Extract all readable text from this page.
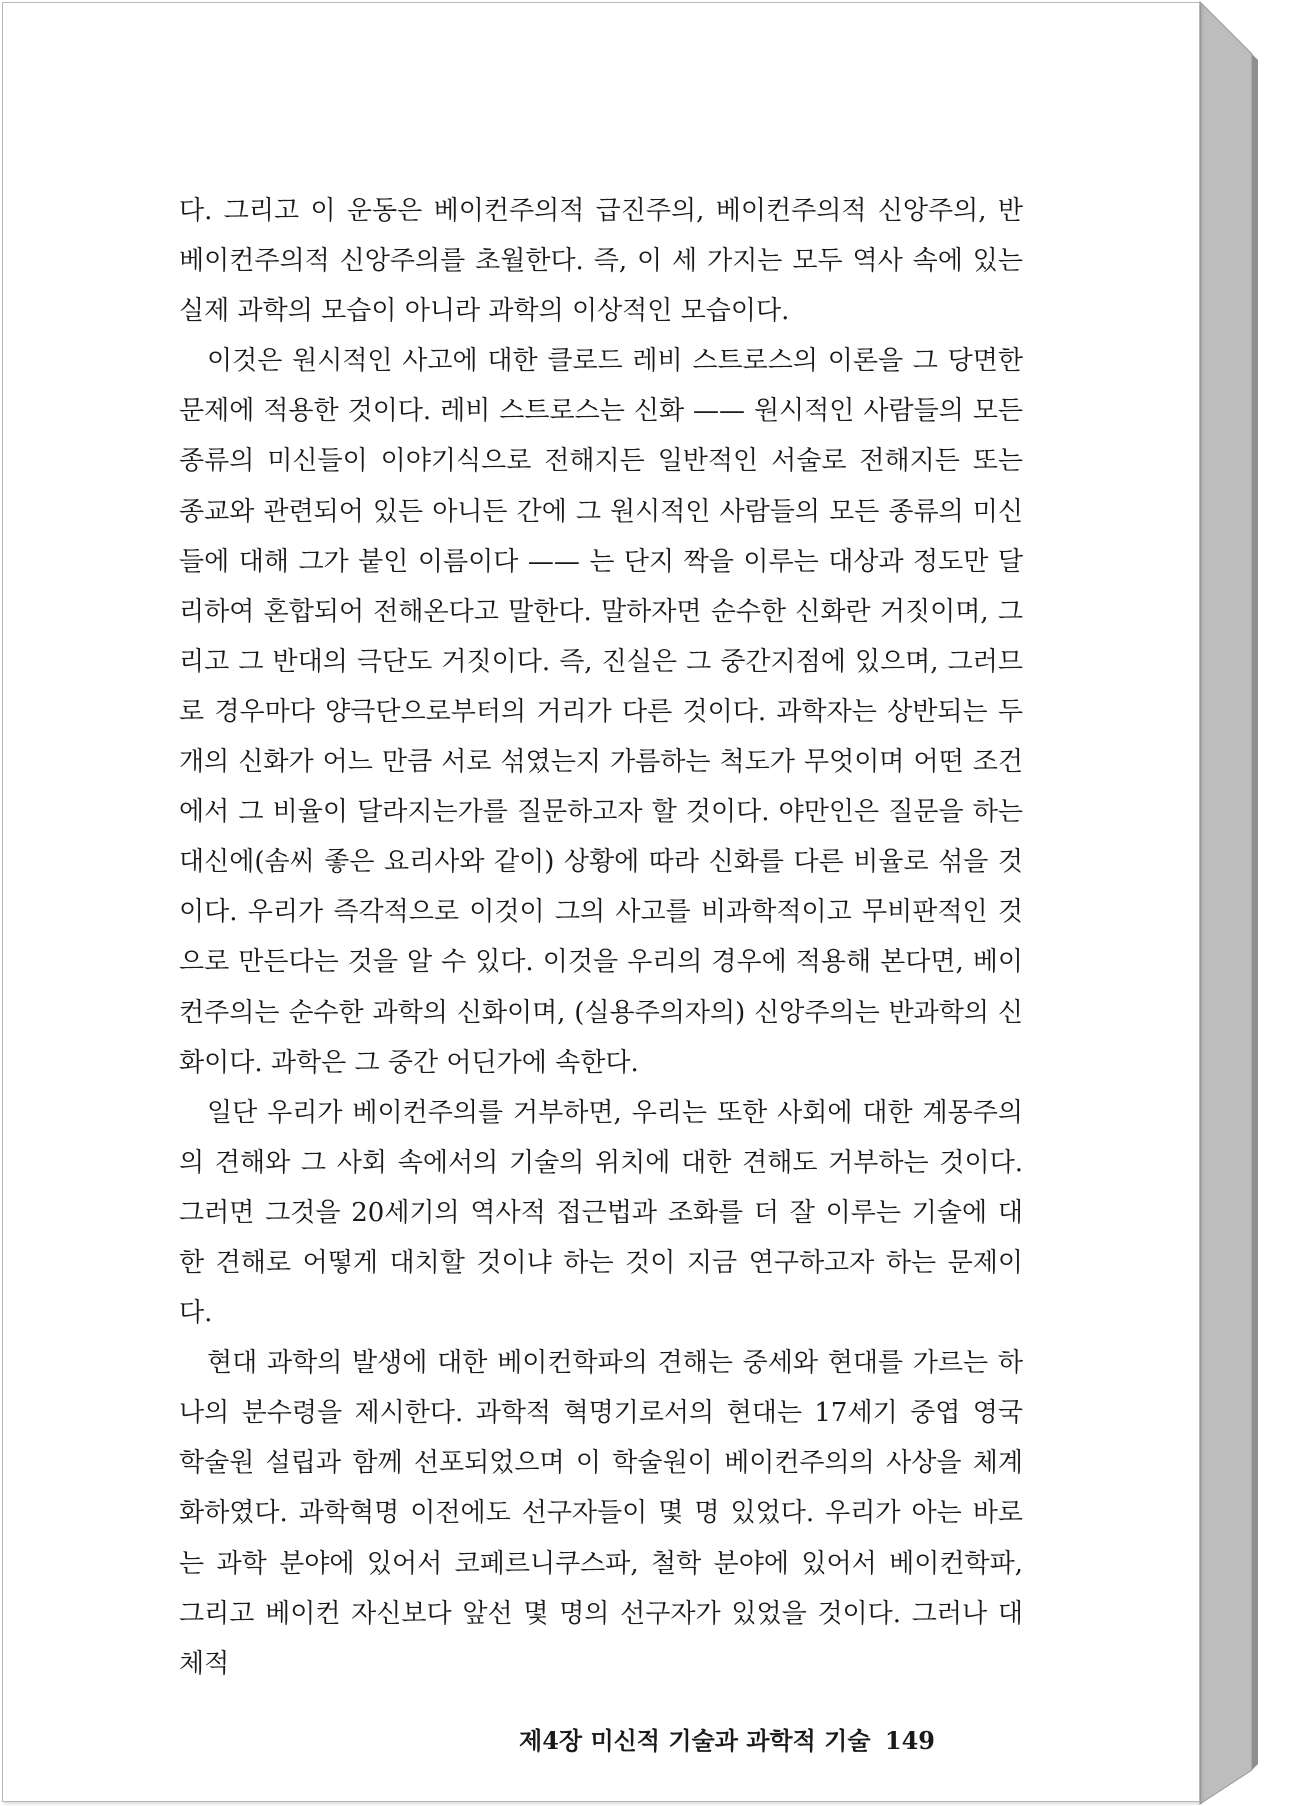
다. 그리고 이 운동은 베이컨주의적 급진주의, 베이컨주의적 신앙주의, 반베이컨주의적 신앙주의를 초월한다. 즉, 이 세 가지는 모두 역사 속에 있는 실제 과학의 모습이 아니라 과학의 이상적인 모습이다.

이것은 원시적인 사고에 대한 클로드 레비 스트로스의 이론을 그 당면한 문제에 적용한 것이다. 레비 스트로스는 신화 —— 원시적인 사람들의 모든 종류의 미신들이 이야기식으로 전해지든 일반적인 서술로 전해지든 또는 종교와 관련되어 있든 아니든 간에 그 원시적인 사람들의 모든 종류의 미신들에 대해 그가 붙인 이름이다 —— 는 단지 짝을 이루는 대상과 정도만 달리하여 혼합되어 전해온다고 말한다. 말하자면 순수한 신화란 거짓이며, 그리고 그 반대의 극단도 거짓이다. 즉, 진실은 그 중간지점에 있으며, 그러므로 경우마다 양극단으로부터의 거리가 다른 것이다. 과학자는 상반되는 두 개의 신화가 어느 만큼 서로 섞였는지 가름하는 척도가 무엇이며 어떤 조건에서 그 비율이 달라지는가를 질문하고자 할 것이다. 야만인은 질문을 하는 대신에(솜씨 좋은 요리사와 같이) 상황에 따라 신화를 다른 비율로 섞을 것이다. 우리가 즉각적으로 이것이 그의 사고를 비과학적이고 무비판적인 것으로 만든다는 것을 알 수 있다. 이것을 우리의 경우에 적용해 본다면, 베이컨주의는 순수한 과학의 신화이며, (실용주의자의) 신앙주의는 반과학의 신화이다. 과학은 그 중간 어딘가에 속한다.

일단 우리가 베이컨주의를 거부하면, 우리는 또한 사회에 대한 계몽주의의 견해와 그 사회 속에서의 기술의 위치에 대한 견해도 거부하는 것이다. 그러면 그것을 20세기의 역사적 접근법과 조화를 더 잘 이루는 기술에 대한 견해로 어떻게 대치할 것이냐 하는 것이 지금 연구하고자 하는 문제이다.

현대 과학의 발생에 대한 베이컨학파의 견해는 중세와 현대를 가르는 하나의 분수령을 제시한다. 과학적 혁명기로서의 현대는 17세기 중엽 영국 학술원 설립과 함께 선포되었으며 이 학술원이 베이컨주의의 사상을 체계화하였다. 과학혁명 이전에도 선구자들이 몇 명 있었다. 우리가 아는 바로는 과학 분야에 있어서 코페르니쿠스파, 철학 분야에 있어서 베이컨학파, 그리고 베이컨 자신보다 앞선 몇 명의 선구자가 있었을 것이다. 그러나 대체적

제4장 미신적 기술과 과학적 기술 149
